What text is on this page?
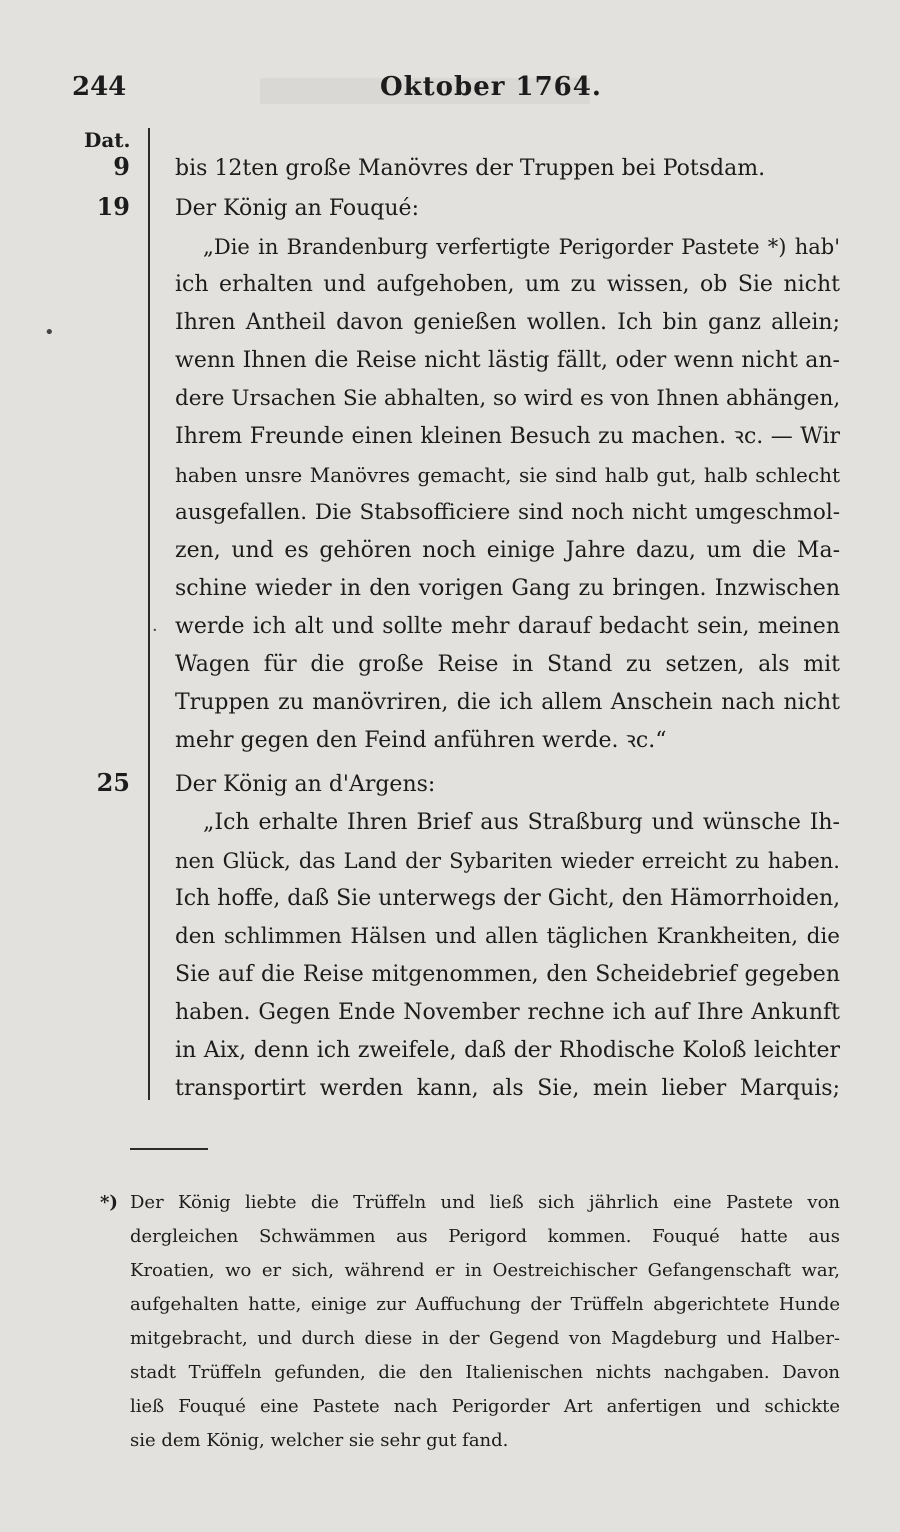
244	Oktober 1764.
Dat.
9
19
25
•
·
bis 12ten große Manövres der Truppen bei Potsdam.
Der König an Fouqué:
„Die in Brandenburg verfertigte Perigorder Pastete *) hab'
ich erhalten und aufgehoben, um zu wissen, ob Sie nicht
Ihren Antheil davon genießen wollen. Ich bin ganz allein;
wenn Ihnen die Reise nicht lästig fällt, oder wenn nicht an-
dere Ursachen Sie abhalten, so wird es von Ihnen abhängen,
Ihrem Freunde einen kleinen Besuch zu machen. ꝛc. — Wir
haben unsre Manövres gemacht, sie sind halb gut, halb schlecht
ausgefallen. Die Stabsofficiere sind noch nicht umgeschmol-
zen, und es gehören noch einige Jahre dazu, um die Ma-
schine wieder in den vorigen Gang zu bringen. Inzwischen
werde ich alt und sollte mehr darauf bedacht sein, meinen
Wagen für die große Reise in Stand zu setzen, als mit
Truppen zu manövriren, die ich allem Anschein nach nicht
mehr gegen den Feind anführen werde. ꝛc.“
Der König an d'Argens:
„Ich erhalte Ihren Brief aus Straßburg und wünsche Ih-
nen Glück, das Land der Sybariten wieder erreicht zu haben.
Ich hoffe, daß Sie unterwegs der Gicht, den Hämorrhoiden,
den schlimmen Hälsen und allen täglichen Krankheiten, die
Sie auf die Reise mitgenommen, den Scheidebrief gegeben
haben. Gegen Ende November rechne ich auf Ihre Ankunft
in Aix, denn ich zweifele, daß der Rhodische Koloß leichter
transportirt werden kann, als Sie, mein lieber Marquis;
*) Der König liebte die Trüffeln und ließ sich jährlich eine Pastete von
dergleichen Schwämmen aus Perigord kommen. Fouqué hatte aus
Kroatien, wo er sich, während er in Oestreichischer Gefangenschaft war,
aufgehalten hatte, einige zur Auffuchung der Trüffeln abgerichtete Hunde
mitgebracht, und durch diese in der Gegend von Magdeburg und Halber-
stadt Trüffeln gefunden, die den Italienischen nichts nachgaben. Davon
ließ Fouqué eine Pastete nach Perigorder Art anfertigen und schickte
sie dem König, welcher sie sehr gut fand.
